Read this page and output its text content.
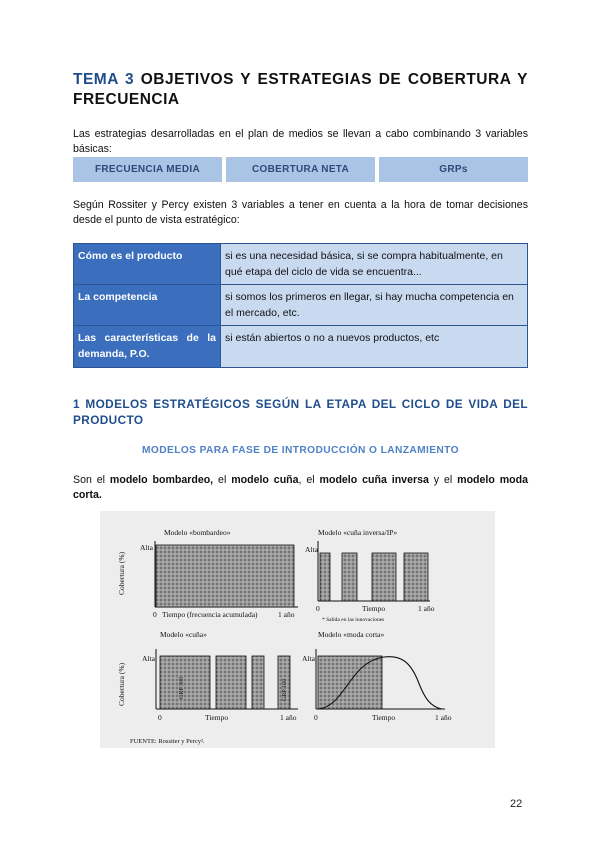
TEMA 3 OBJETIVOS Y ESTRATEGIAS DE COBERTURA Y FRECUENCIA
Las estrategias desarrolladas en el plan de medios se llevan a cabo combinando 3 variables básicas:
FRECUENCIA MEDIA	COBERTURA NETA	GRPs
Según Rossiter y Percy existen 3 variables a tener en cuenta a la hora de tomar decisiones desde el punto de vista estratégico:
Cómo es el producto	si es una necesidad básica, si se compra habitualmente, en qué etapa del ciclo de vida se encuentra...
La competencia	si somos los primeros en llegar, si hay mucha competencia en el mercado, etc.
Las características de la demanda, P.O.	si están abiertos o no a nuevos productos, etc
1 MODELOS ESTRATÉGICOS SEGÚN LA ETAPA DEL CICLO DE VIDA DEL PRODUCTO
MODELOS PARA FASE DE INTRODUCCIÓN O LANZAMIENTO
Son el modelo bombardeo, el modelo cuña, el modelo cuña inversa y el modelo moda corta.
Modelo «bombardeo»
Cobertura (%)
Alta
0 Tiempo (frecuencia acumulada)	1 año
Modelo «cuña inversa/IP»
Alta
0	Tiempo	1 año
* Salida en las innovaciones
Modelo «cuña»
Cobertura (%)
Alta
GRP 300	GRP 100
0	Tiempo	1 año
Modelo «moda corta»
Alta
0	Tiempo	1 año
FUENTE: Rossiter y Percy².
22
